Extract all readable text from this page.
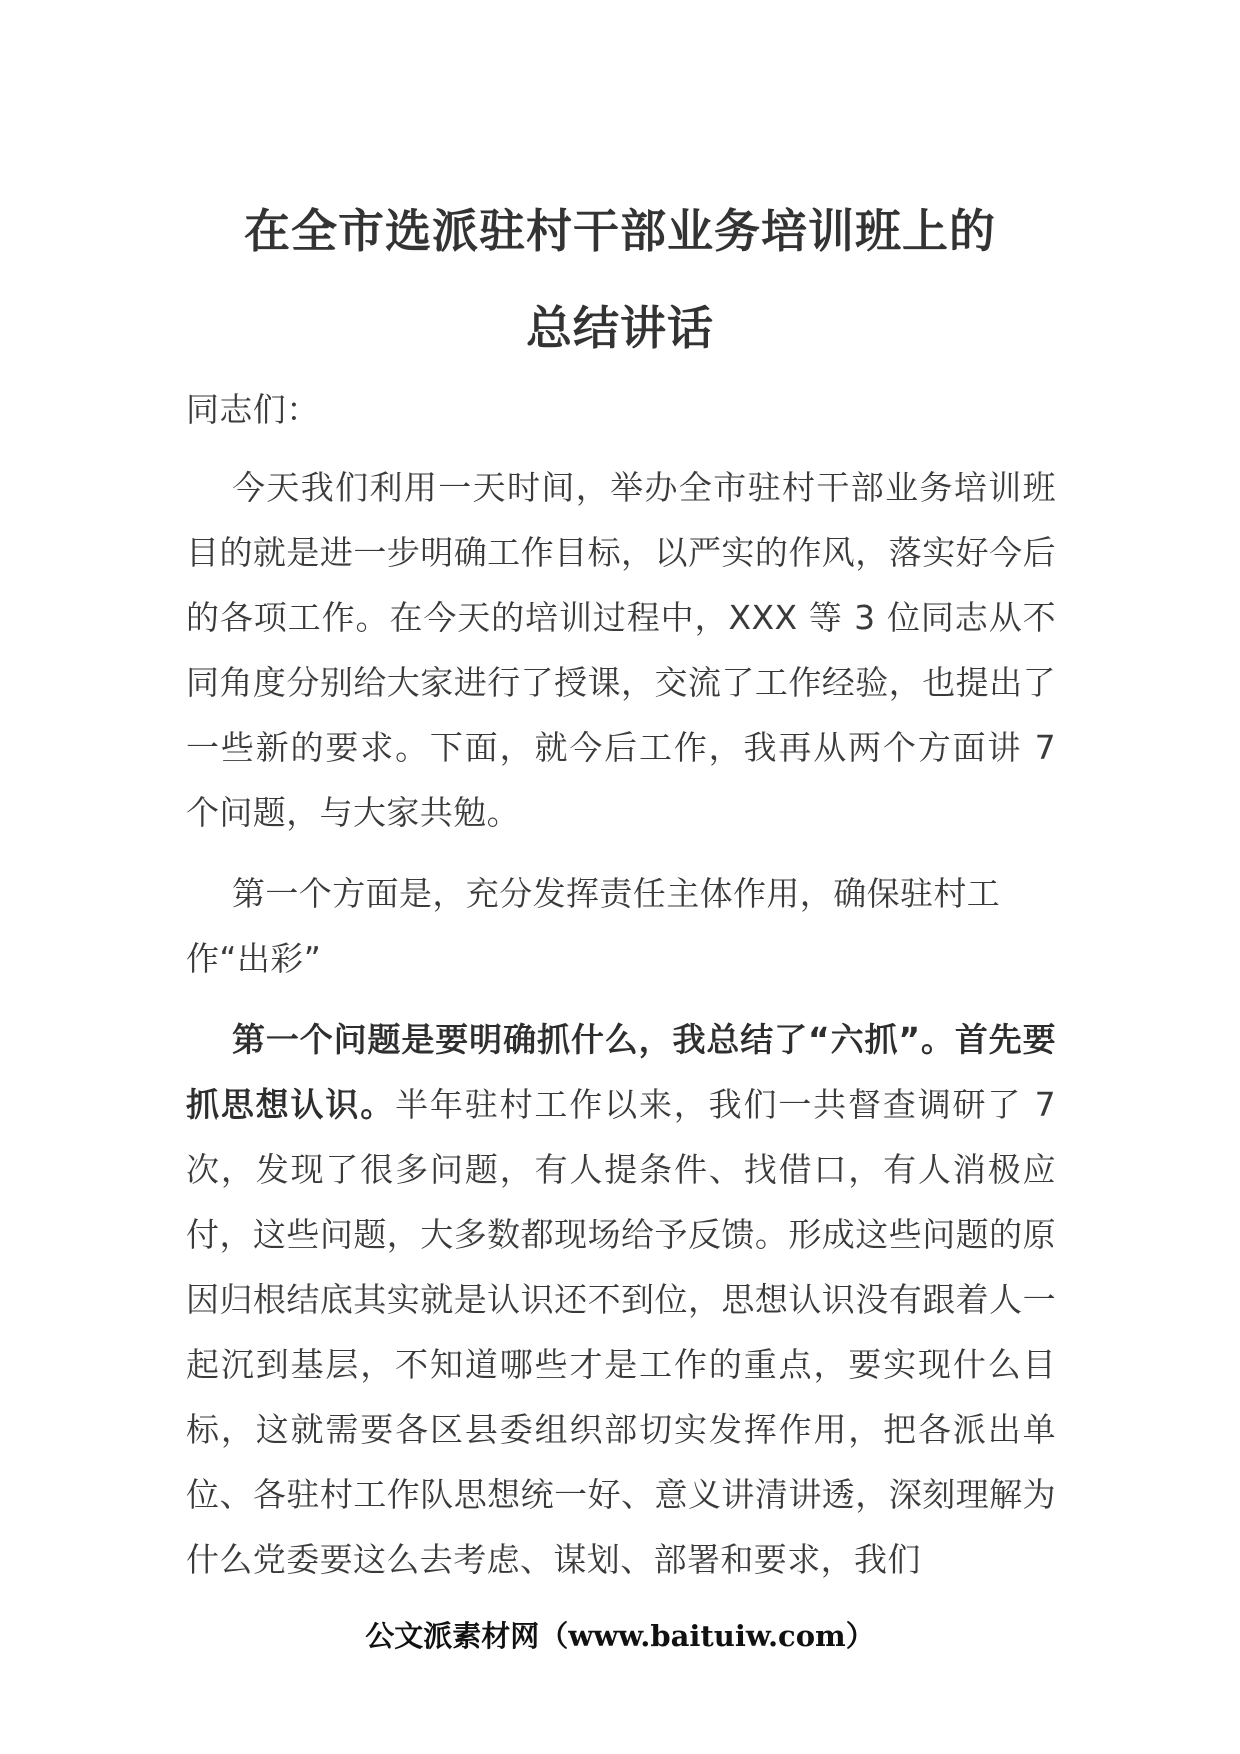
在全市选派驻村干部业务培训班上的
总结讲话
同志们：
今天我们利用一天时间，举办全市驻村干部业务培训班目的就是进一步明确工作目标，以严实的作风，落实好今后的各项工作。在今天的培训过程中，XXX 等 3 位同志从不同角度分别给大家进行了授课，交流了工作经验，也提出了一些新的要求。下面，就今后工作，我再从两个方面讲 7 个问题，与大家共勉。
第一个方面是，充分发挥责任主体作用，确保驻村工作“出彩”
第一个问题是要明确抓什么，我总结了“六抓”。首先要抓思想认识。半年驻村工作以来，我们一共督查调研了 7 次，发现了很多问题，有人提条件、找借口，有人消极应付，这些问题，大多数都现场给予反馈。形成这些问题的原因归根结底其实就是认识还不到位，思想认识没有跟着人一起沉到基层，不知道哪些才是工作的重点，要实现什么目标，这就需要各区县委组织部切实发挥作用，把各派出单位、各驻村工作队思想统一好、意义讲清讲透，深刻理解为什么党委要这么去考虑、谋划、部署和要求，我们
公文派素材网（www.baituiw.com）
